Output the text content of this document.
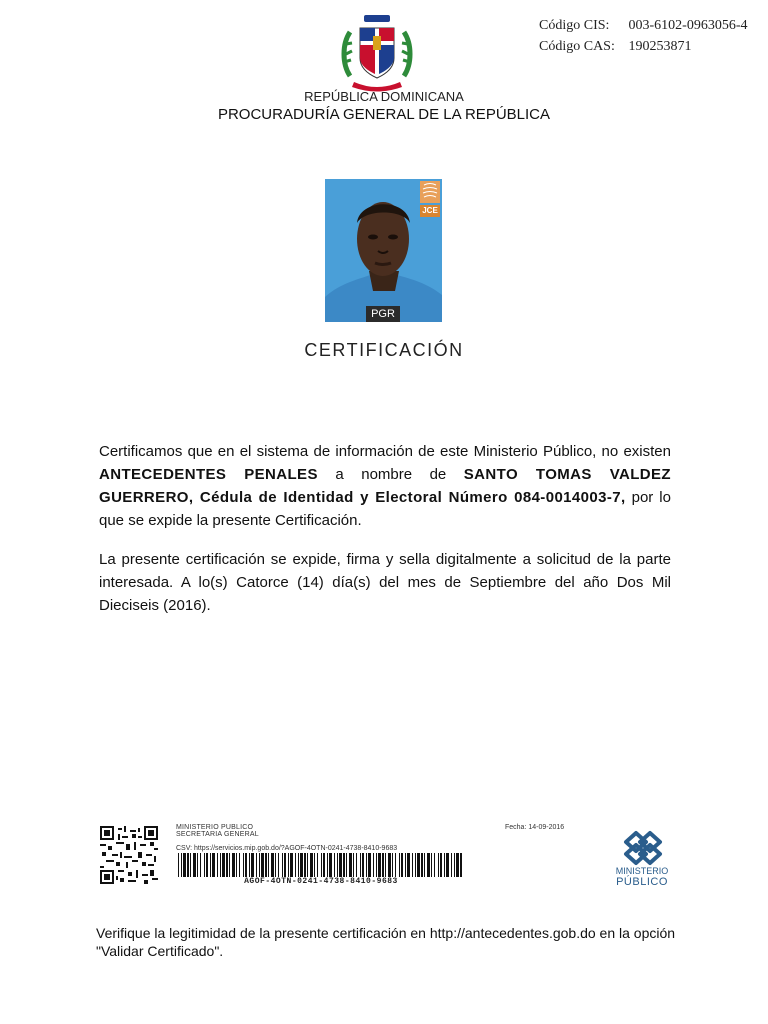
Código CIS: 003-6102-0963056-4
Código CAS: 190253871
REPÚBLICA DOMINICANA
PROCURADURÍA GENERAL DE LA REPÚBLICA
JCE
PGR
CERTIFICACIÓN
Certificamos que en el sistema de información de este Ministerio Público, no existen ANTECEDENTES PENALES a nombre de SANTO TOMAS VALDEZ GUERRERO, Cédula de Identidad y Electoral Número 084-0014003-7, por lo que se expide la presente Certificación.
La presente certificación se expide, firma y sella digitalmente a solicitud de la parte interesada. A lo(s) Catorce (14) día(s) del mes de Septiembre del año Dos Mil Dieciseis (2016).
MINISTERIO PUBLICO
SECRETARIA GENERAL
CSV: https://servicios.mip.gob.do/?AGOF-4OTN-0241-4738-8410-9683
Fecha: 14-09-2016
AGOF-4OTN-0241-4738-8410-9683
MINISTERIO
PÚBLICO
Verifique la legitimidad de la presente certificación en http://antecedentes.gob.do en la opción "Validar Certificado".
